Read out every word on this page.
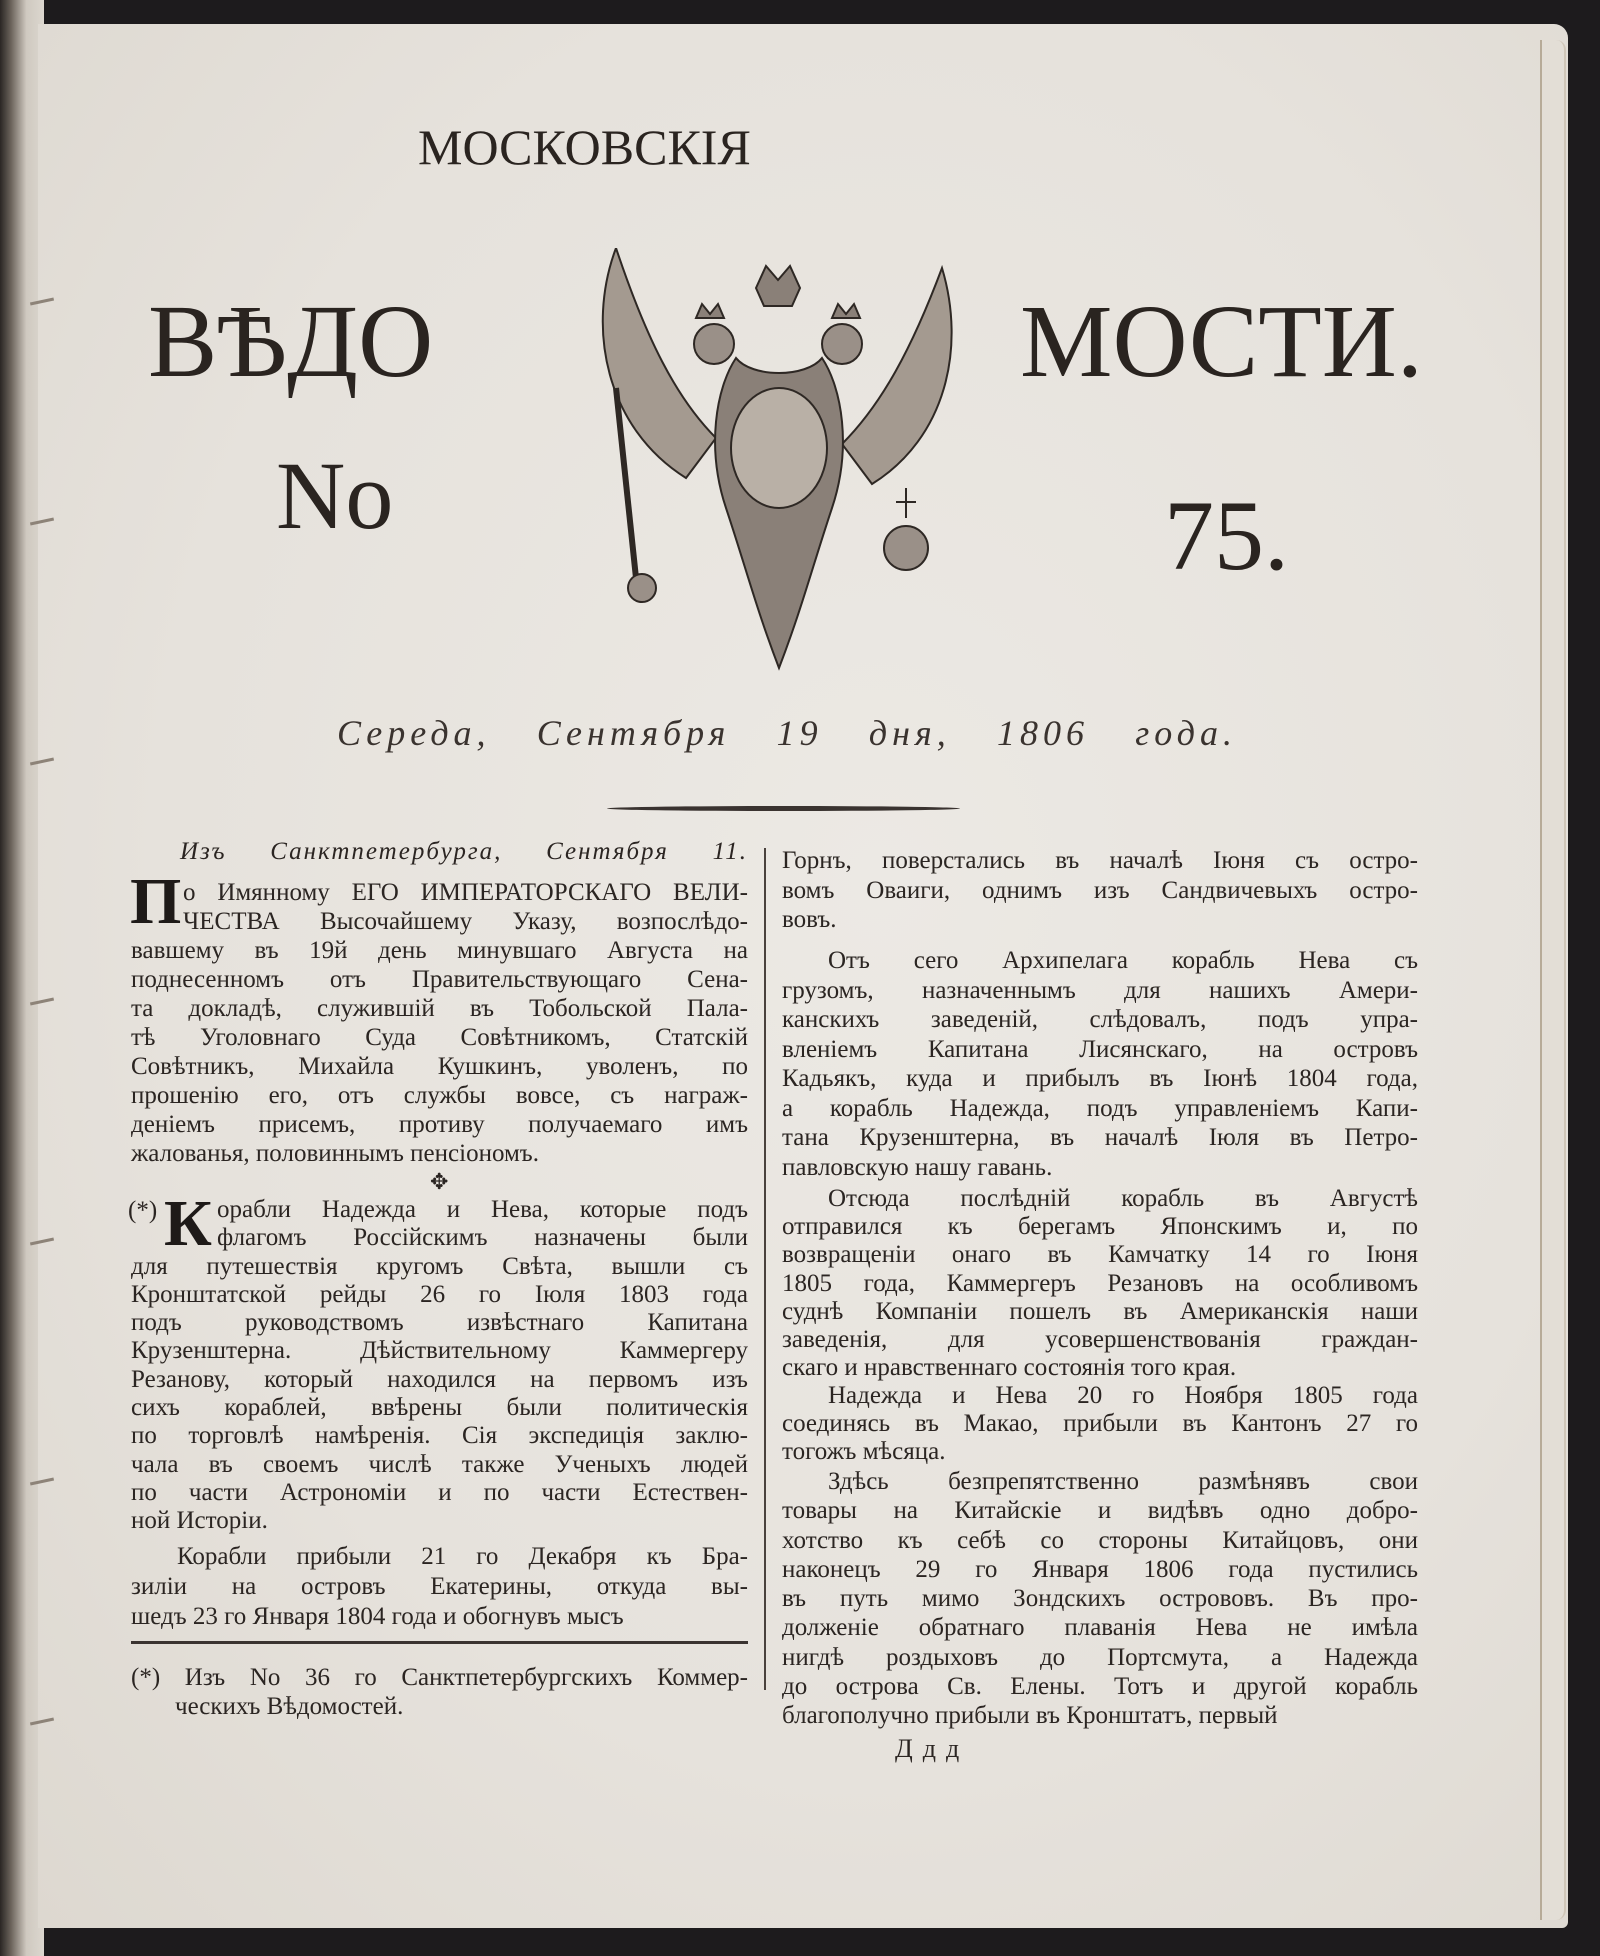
МОСКОВСКІЯ
ВѢДО	МОСТИ.
No	75.
Середа, Сентября 19 дня, 1806 года.
Изъ Санктпетербурга, Сентября 11.
П о Имянному ЕГО ИМПЕРАТОРСКАГО ВЕЛИ-
ЧЕСТВА Высочайшему Указу, возпослѣдо-
вавшему въ 19й день минувшаго Августа на
поднесенномъ отъ Правительствующаго Сена-
та докладѣ, служившій въ Тобольской Пала-
тѣ Уголовнаго Суда Совѣтникомъ, Статскій
Совѣтникъ, Михайла Кушкинъ, уволенъ, по
прошенію его, отъ службы вовсе, съ награж-
деніемъ присемъ, противу получаемаго имъ
жалованья, половиннымъ пенсіономъ.
✥
(*) К орабли Надежда и Нева, которые подъ
флагомъ Россійскимъ назначены были
для путешествія кругомъ Свѣта, вышли съ
Кронштатской рейды 26 го Іюля 1803 года
подъ руководствомъ извѣстнаго Капитана
Крузенштерна. Дѣйствительному Каммергеру
Резанову, который находился на первомъ изъ
сихъ кораблей, ввѣрены были политическія
по торговлѣ намѣренія. Сія экспедиція заклю-
чала въ своемъ числѣ также Ученыхъ людей
по части Астрономіи и по части Естествен-
ной Исторіи.
Корабли прибыли 21 го Декабря къ Бра-
зиліи на островъ Екатерины, откуда вы-
шедъ 23 го Января 1804 года и обогнувъ мысъ
(*) Изъ No 36 го Санктпетербургскихъ Коммер-
ческихъ Вѣдомостей.
Горнъ, поверстались въ началѣ Іюня съ остро-
вомъ Оваиги, однимъ изъ Сандвичевыхъ остро-
вовъ.
Отъ сего Архипелага корабль Нева съ
грузомъ, назначеннымъ для нашихъ Амери-
канскихъ заведеній, слѣдовалъ, подъ упра-
вленіемъ Капитана Лисянскаго, на островъ
Кадьякъ, куда и прибылъ въ Іюнѣ 1804 года,
а корабль Надежда, подъ управленіемъ Капи-
тана Крузенштерна, въ началѣ Іюля въ Петро-
павловскую нашу гавань.
Отсюда послѣдній корабль въ Августѣ
отправился къ берегамъ Японскимъ и, по
возвращеніи онаго въ Камчатку 14 го Іюня
1805 года, Каммергеръ Резановъ на особливомъ
суднѣ Компаніи пошелъ въ Американскія наши
заведенія, для усовершенствованія граждан-
скаго и нравственнаго состоянія того края.
Надежда и Нева 20 го Ноября 1805 года
соединясь въ Макао, прибыли въ Кантонъ 27 го
тогожъ мѣсяца.
Здѣсь безпрепятственно размѣнявъ свои
товары на Китайскіе и видѣвъ одно добро-
хотство къ себѣ со стороны Китайцовъ, они
наконецъ 29 го Января 1806 года пустились
въ путь мимо Зондскихъ острововъ. Въ про-
долженіе обратнаго плаванія Нева не имѣла
нигдѣ роздыховъ до Портсмута, а Надежда
до острова Св. Елены. Тотъ и другой корабль
благополучно прибыли въ Кронштатъ, первый
Ддд
